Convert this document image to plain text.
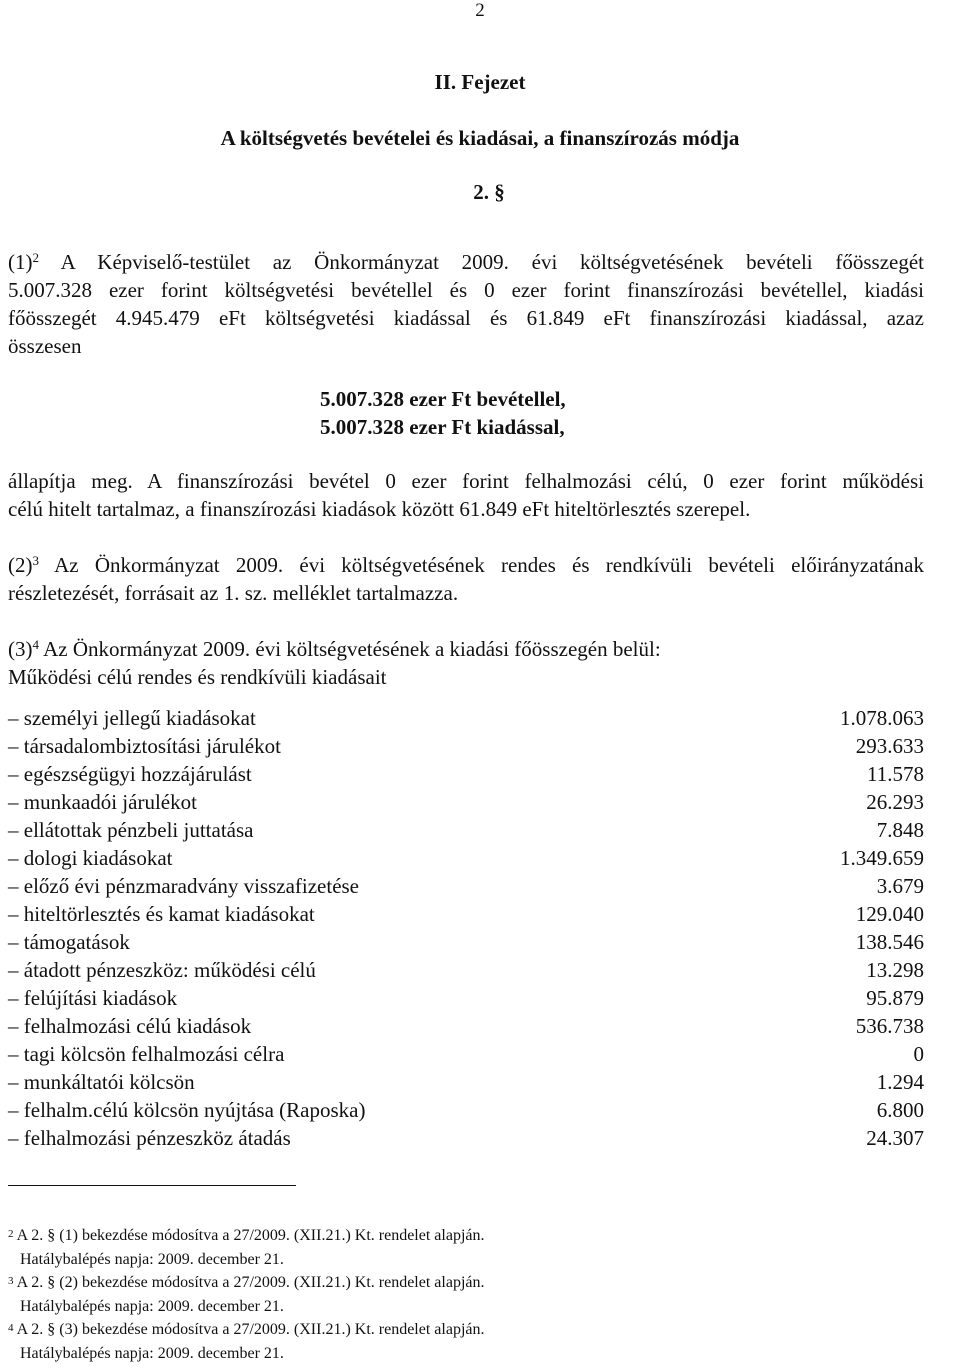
2
II. Fejezet
A költségvetés bevételei és kiadásai, a finanszírozás módja
2. §
$(1)^2$ A Képviselő-testület az Önkormányzat 2009. évi költségvetésének bevételi főösszegét
5.007.328 ezer forint költségvetési bevétellel és 0 ezer forint finanszírozási bevétellel, kiadási
főösszegét 4.945.479 eFt költségvetési kiadással és 61.849 eFt finanszírozási kiadással, azaz
összesen
5.007.328 ezer Ft bevétellel,
5.007.328 ezer Ft kiadással,
állapítja meg. A finanszírozási bevétel 0 ezer forint felhalmozási célú, 0 ezer forint működési
célú hitelt tartalmaz, a finanszírozási kiadások között 61.849 eFt hiteltörlesztés szerepel.
$(2)^3$ Az Önkormányzat 2009. évi költségvetésének rendes és rendkívüli bevételi előirányzatának
részletezését, forrásait az 1. sz. melléklet tartalmazza.
$(3)^4$ Az Önkormányzat 2009. évi költségvetésének a kiadási főösszegén belül:
Működési célú rendes és rendkívüli kiadásait
– személyi jellegű kiadásokat	1.078.063
– társadalombiztosítási járulékot	293.633
– egészségügyi hozzájárulást	11.578
– munkaadói járulékot	26.293
– ellátottak pénzbeli juttatása	7.848
– dologi kiadásokat	1.349.659
– előző évi pénzmaradvány visszafizetése	3.679
– hiteltörlesztés és kamat kiadásokat	129.040
– támogatások	138.546
– átadott pénzeszköz: működési célú	13.298
– felújítási kiadások	95.879
– felhalmozási célú kiadások	536.738
– tagi kölcsön felhalmozási célra	0
– munkáltatói kölcsön	1.294
– felhalm.célú kölcsön nyújtása (Raposka)	6.800
– felhalmozási pénzeszköz átadás	24.307
$^2$ A 2. § (1) bekezdése módosítva a 27/2009. (XII.21.) Kt. rendelet alapján.
Hatálybalépés napja: 2009. december 21.
$^3$ A 2. § (2) bekezdése módosítva a 27/2009. (XII.21.) Kt. rendelet alapján.
Hatálybalépés napja: 2009. december 21.
$^4$ A 2. § (3) bekezdése módosítva a 27/2009. (XII.21.) Kt. rendelet alapján.
Hatálybalépés napja: 2009. december 21.
